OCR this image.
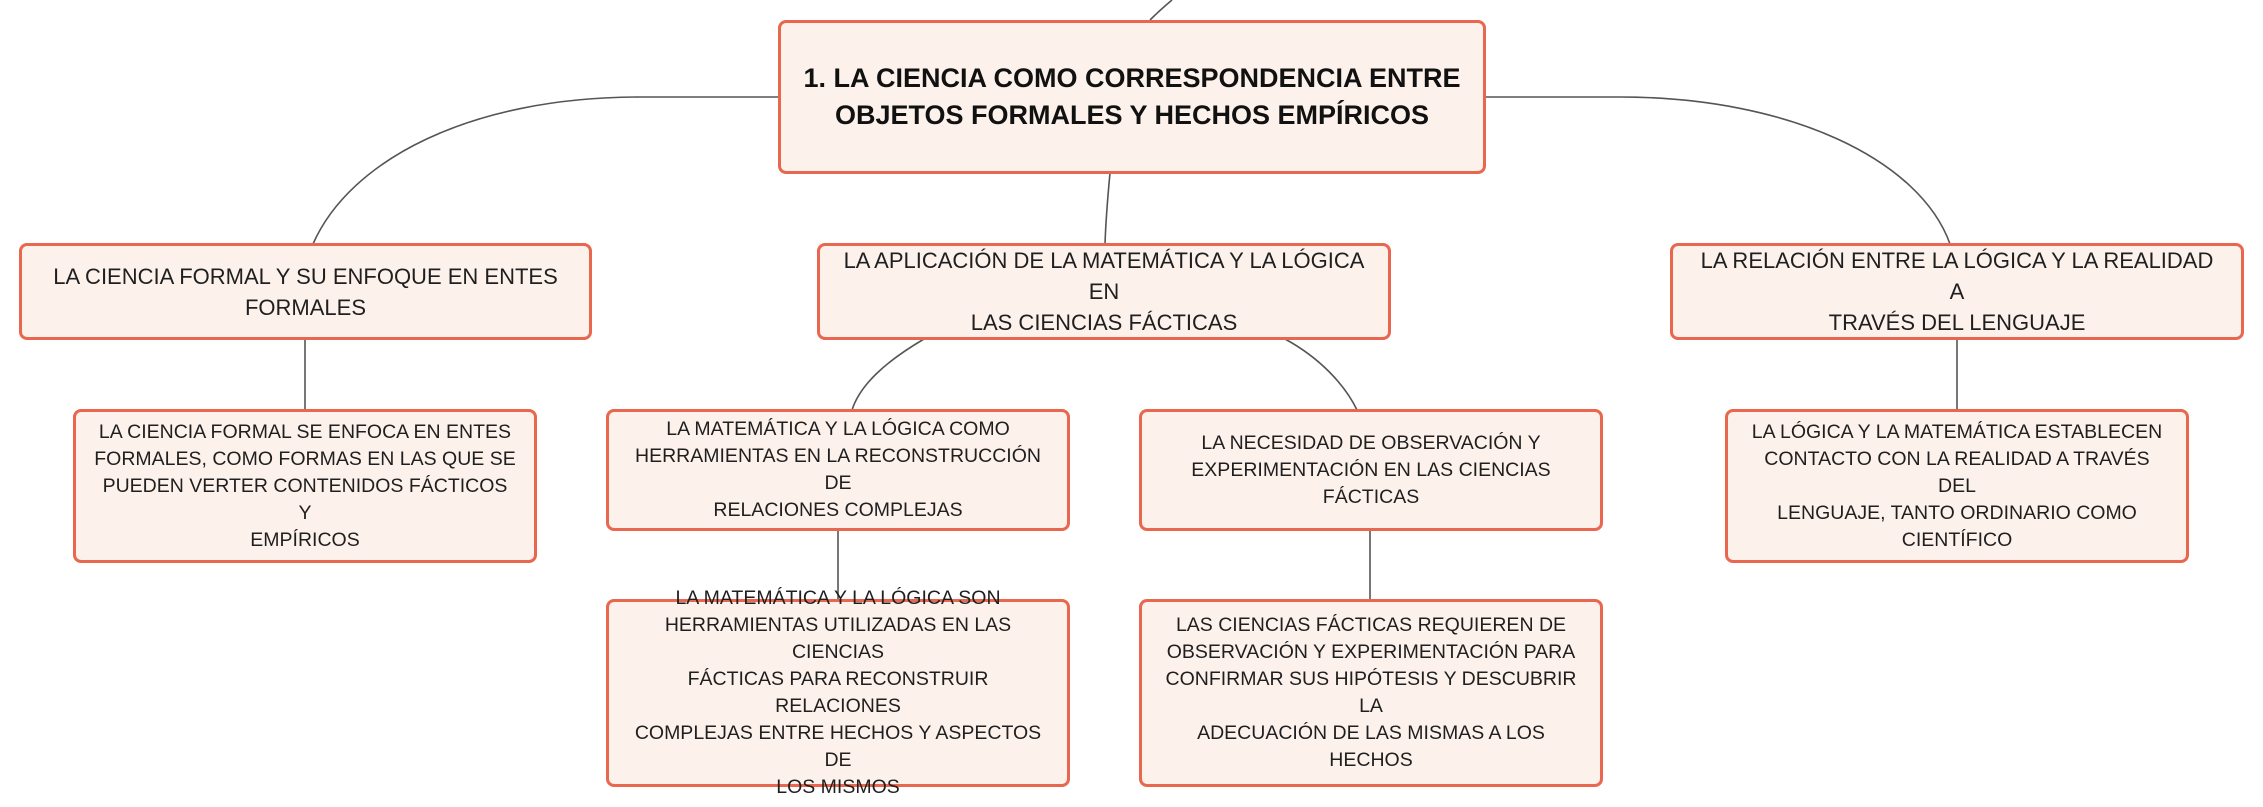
1. LA CIENCIA COMO CORRESPONDENCIA ENTRE
OBJETOS FORMALES Y HECHOS EMPÍRICOS
LA CIENCIA FORMAL Y SU ENFOQUE EN ENTES
FORMALES
LA APLICACIÓN DE LA MATEMÁTICA Y LA LÓGICA EN
LAS CIENCIAS FÁCTICAS
LA RELACIÓN ENTRE LA LÓGICA Y LA REALIDAD A
TRAVÉS DEL LENGUAJE
LA CIENCIA FORMAL SE ENFOCA EN ENTES
FORMALES, COMO FORMAS EN LAS QUE SE
PUEDEN VERTER CONTENIDOS FÁCTICOS Y
EMPÍRICOS
LA MATEMÁTICA Y LA LÓGICA COMO
HERRAMIENTAS EN LA RECONSTRUCCIÓN DE
RELACIONES COMPLEJAS
LA NECESIDAD DE OBSERVACIÓN Y
EXPERIMENTACIÓN EN LAS CIENCIAS FÁCTICAS
LA LÓGICA Y LA MATEMÁTICA ESTABLECEN
CONTACTO CON LA REALIDAD A TRAVÉS DEL
LENGUAJE, TANTO ORDINARIO COMO
CIENTÍFICO
LA MATEMÁTICA Y LA LÓGICA SON
HERRAMIENTAS UTILIZADAS EN LAS CIENCIAS
FÁCTICAS PARA RECONSTRUIR RELACIONES
COMPLEJAS ENTRE HECHOS Y ASPECTOS DE
LOS MISMOS
LAS CIENCIAS FÁCTICAS REQUIEREN DE
OBSERVACIÓN Y EXPERIMENTACIÓN PARA
CONFIRMAR SUS HIPÓTESIS Y DESCUBRIR LA
ADECUACIÓN DE LAS MISMAS A LOS HECHOS
